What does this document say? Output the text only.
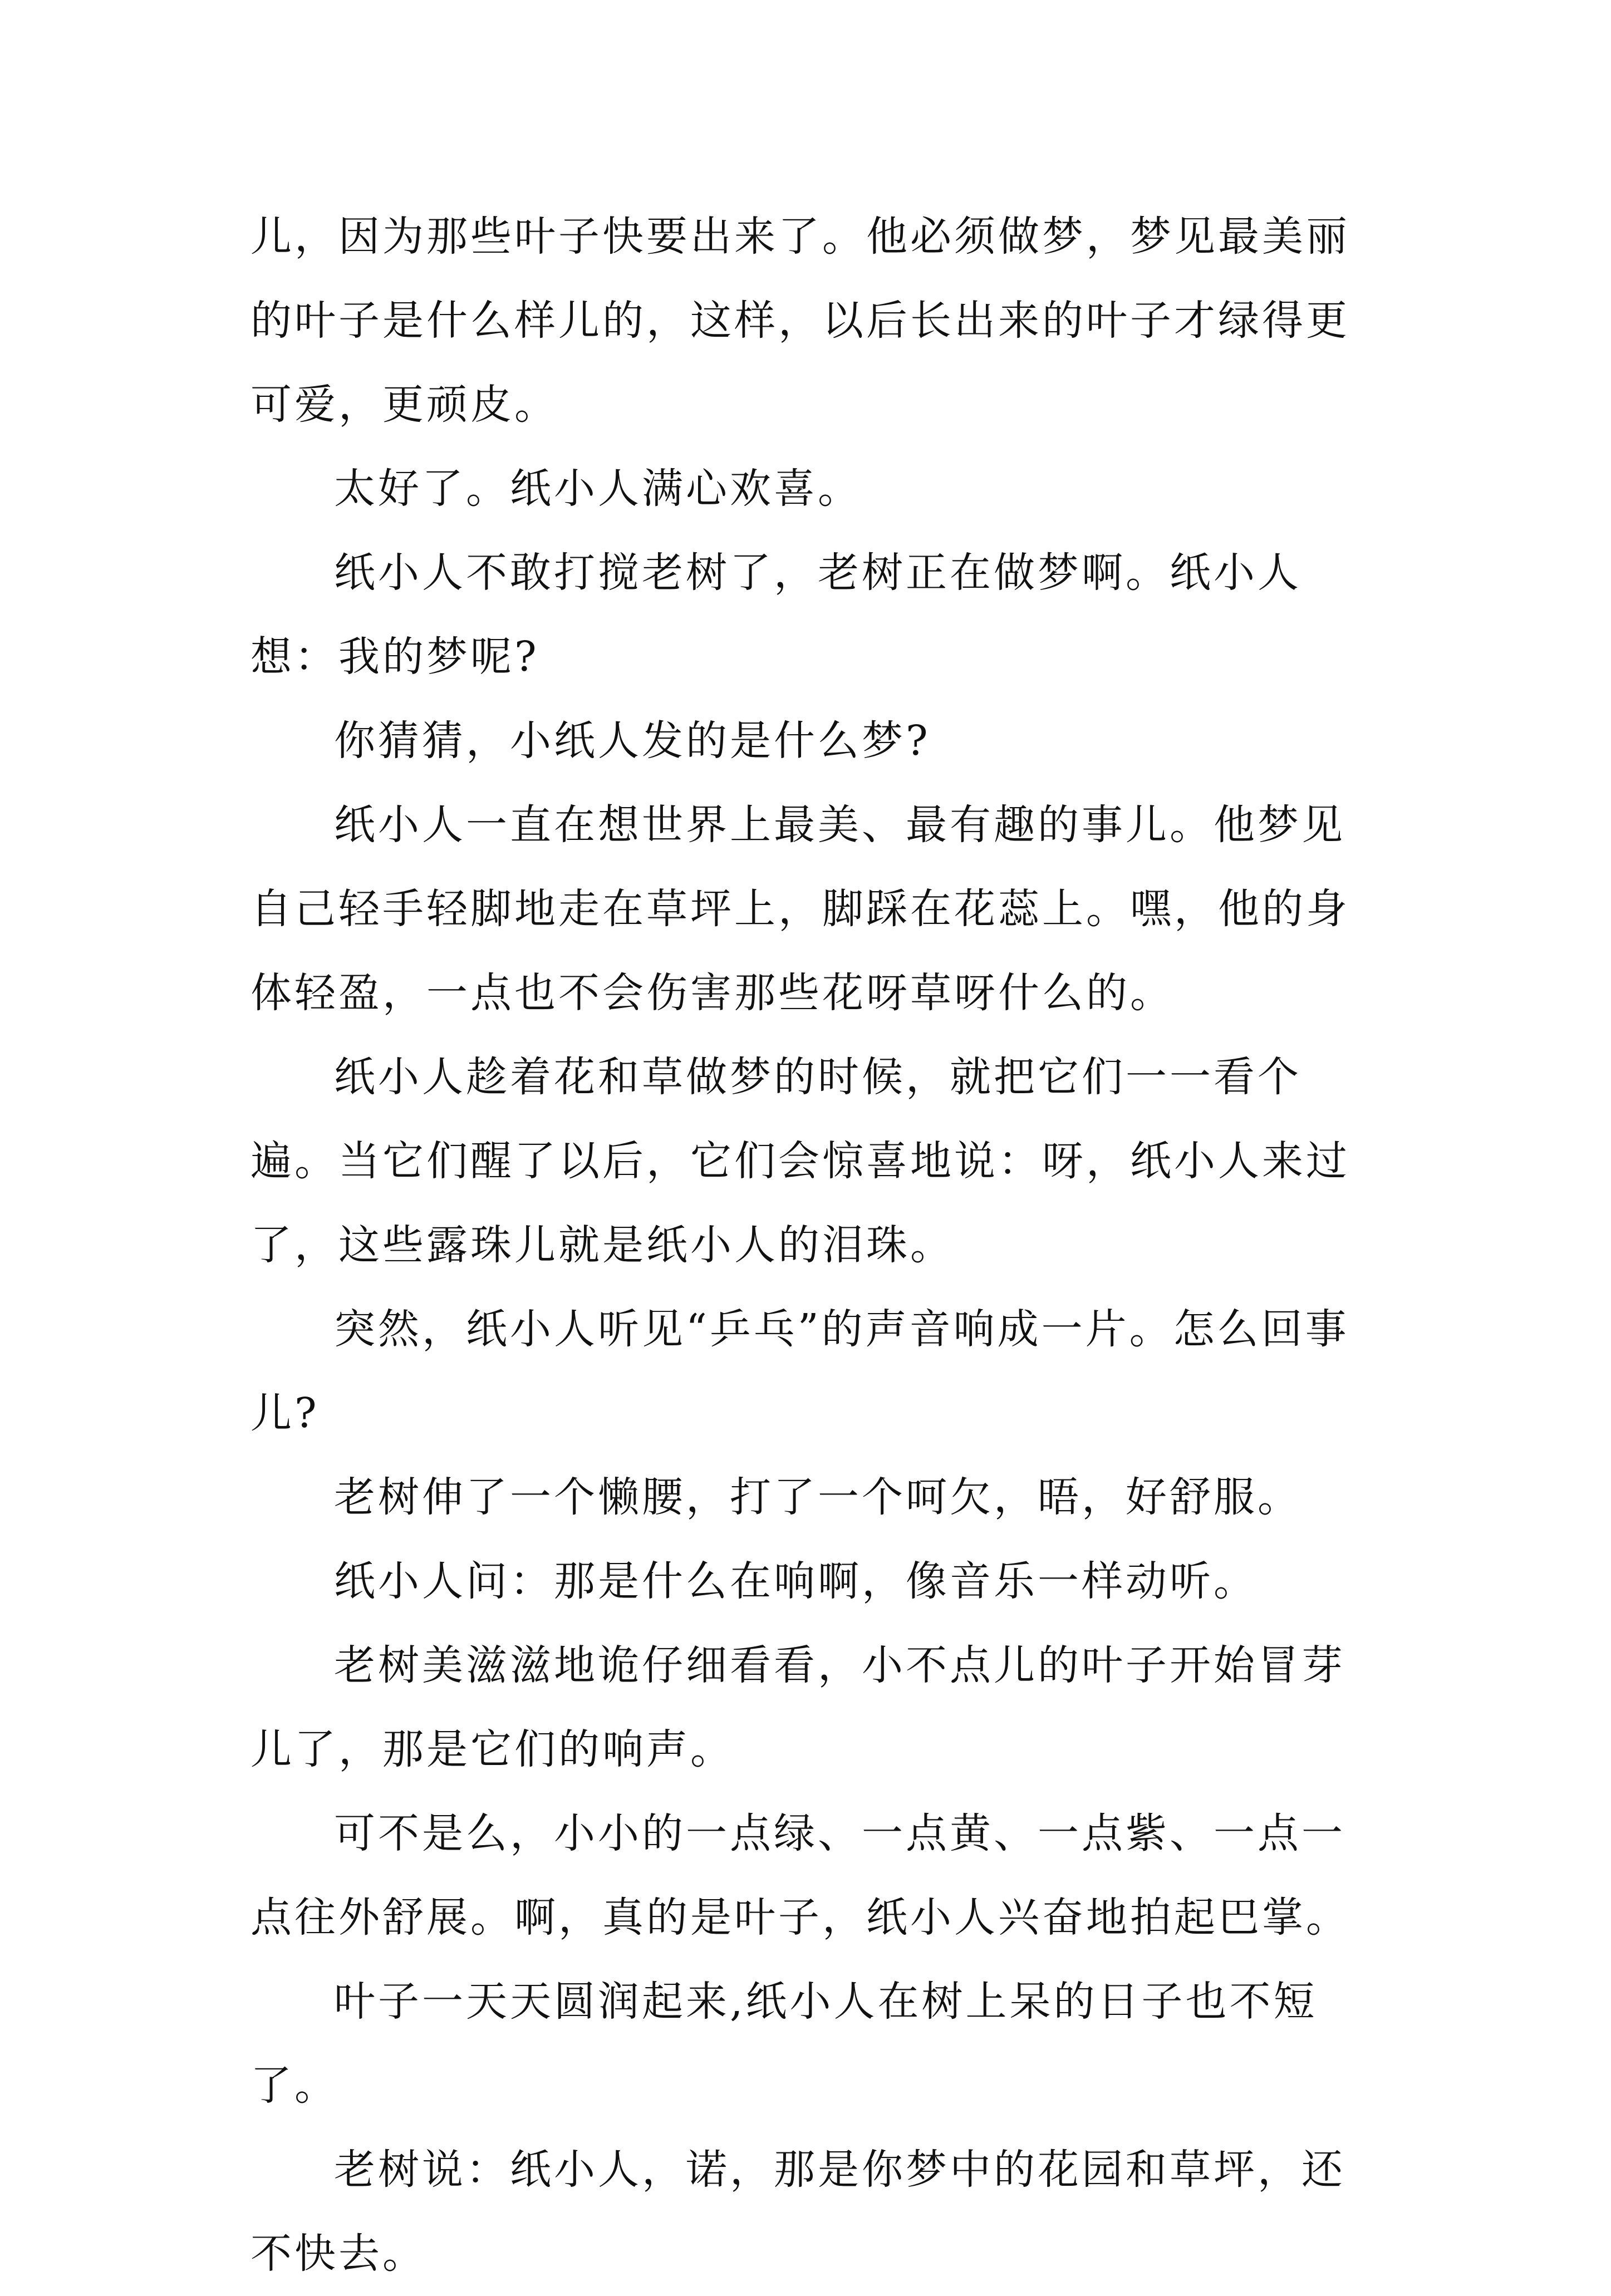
儿，因为那些叶子快要出来了。他必须做梦，梦见最美丽的叶子是什么样儿的，这样，以后长出来的叶子才绿得更可爱，更顽皮。

太好了。纸小人满心欢喜。

纸小人不敢打搅老树了，老树正在做梦啊。纸小人想：我的梦呢?

你猜猜，小纸人发的是什么梦?

纸小人一直在想世界上最美、最有趣的事儿。他梦见自己轻手轻脚地走在草坪上，脚踩在花蕊上。嘿，他的身体轻盈，一点也不会伤害那些花呀草呀什么的。

纸小人趁着花和草做梦的时候，就把它们一一看个遍。当它们醒了以后，它们会惊喜地说：呀，纸小人来过了，这些露珠儿就是纸小人的泪珠。

突然，纸小人听见“乒乓”的声音响成一片。怎么回事儿?

老树伸了一个懒腰，打了一个呵欠，晤，好舒服。

纸小人问：那是什么在响啊，像音乐一样动听。

老树美滋滋地诡仔细看看，小不点儿的叶子开始冒芽儿了，那是它们的响声。

可不是么，小小的一点绿、一点黄、一点紫、一点一点往外舒展。啊，真的是叶子，纸小人兴奋地拍起巴掌。

叶子一天天圆润起来,纸小人在树上呆的日子也不短了。

老树说：纸小人，诺，那是你梦中的花园和草坪，还不快去。
